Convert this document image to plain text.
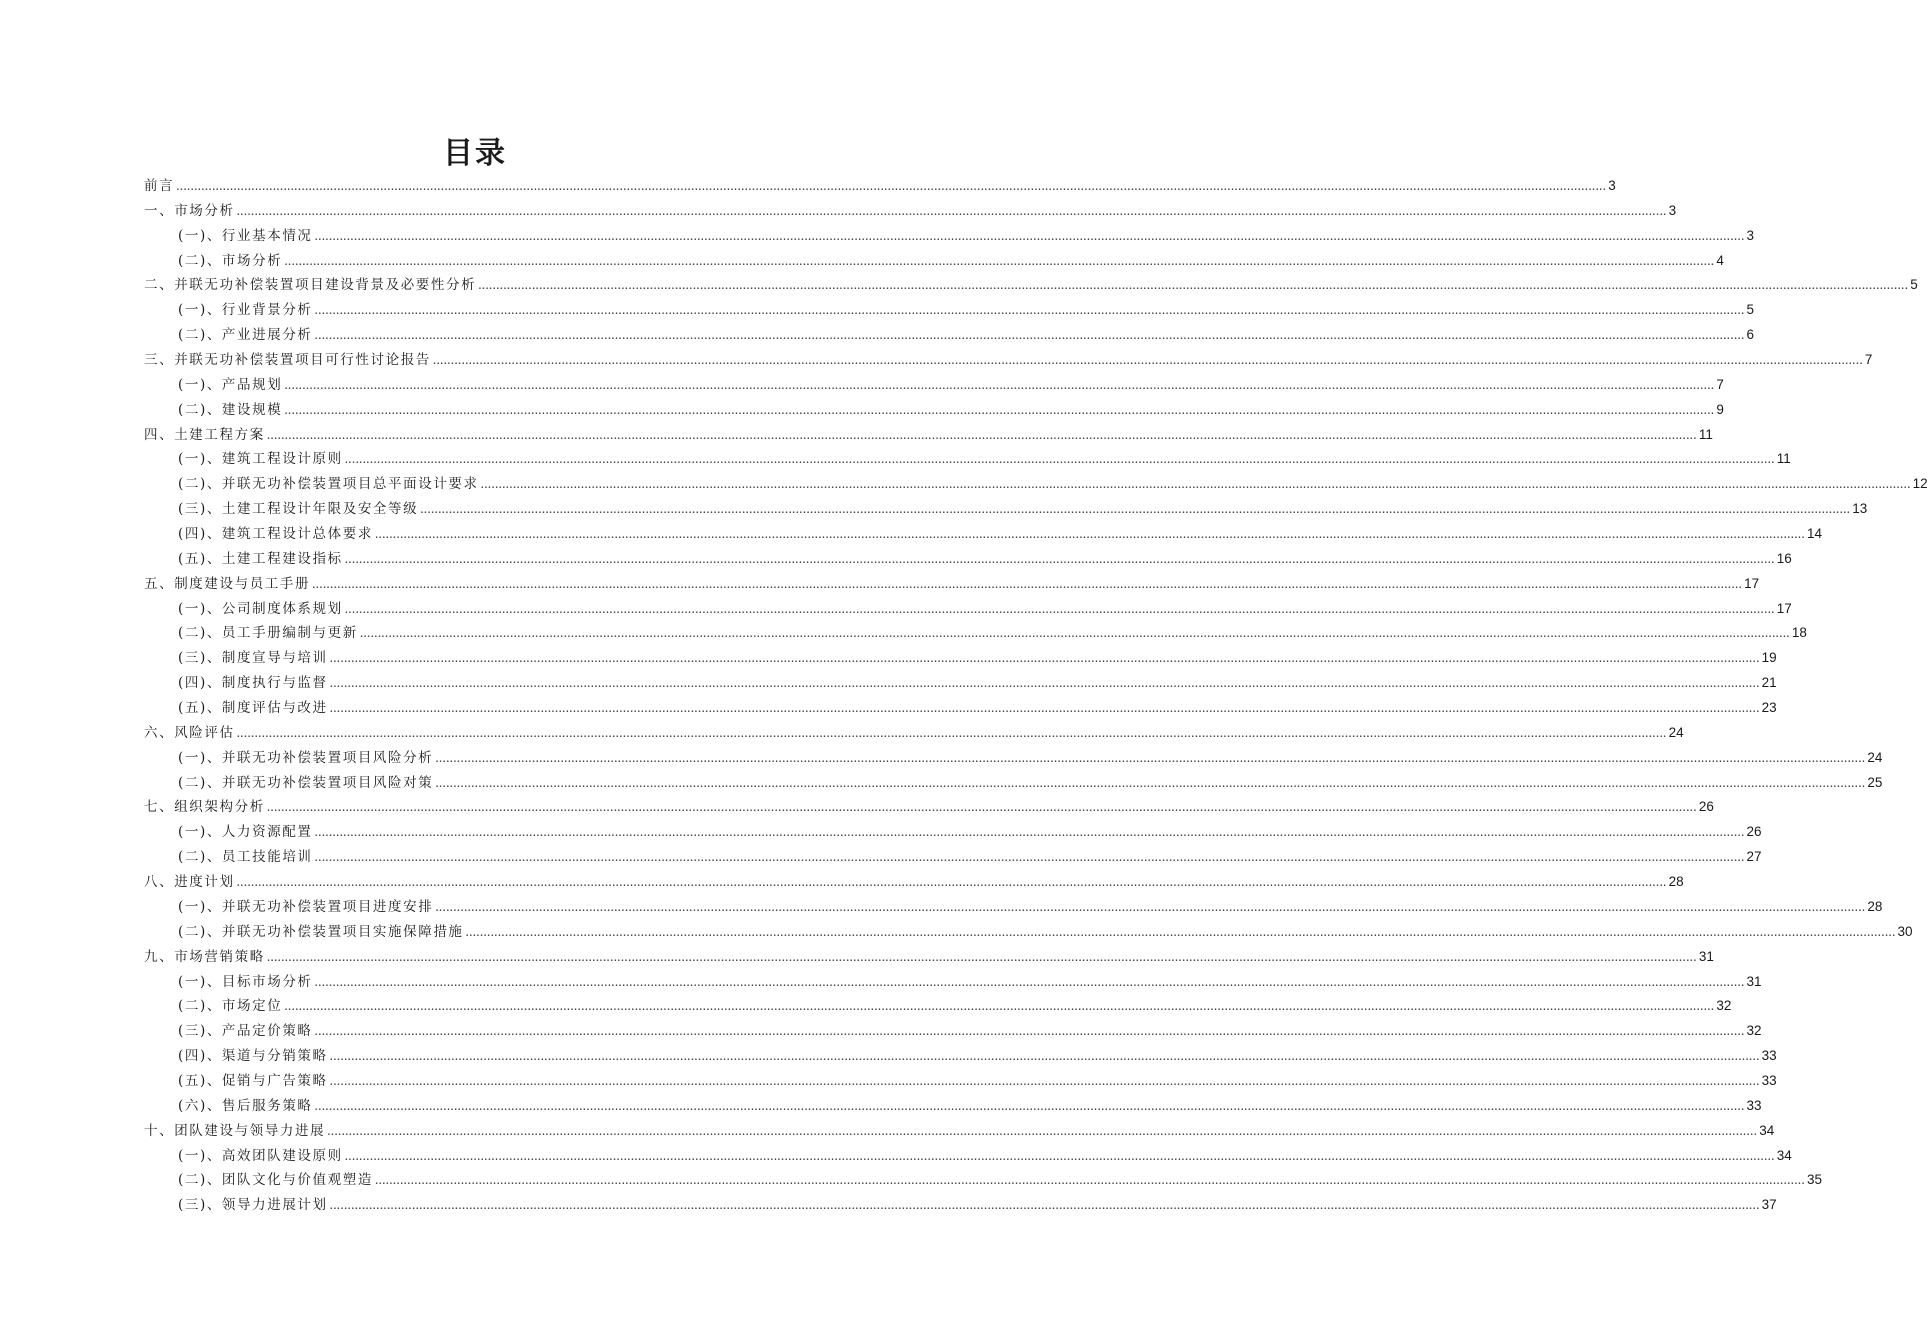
目录
前言 ................................................................................................................................................................................................................................................................................................................................................................................................................ 3
一、市场分析 ................................................................................................................................................................................................................................................................................................................................................................................................................ 3
(一)、行业基本情况 ................................................................................................................................................................................................................................................................................................................................................................................................................ 3
(二)、市场分析 ................................................................................................................................................................................................................................................................................................................................................................................................................ 4
二、并联无功补偿装置项目建设背景及必要性分析 ................................................................................................................................................................................................................................................................................................................................................................................................................ 5
(一)、行业背景分析 ................................................................................................................................................................................................................................................................................................................................................................................................................ 5
(二)、产业进展分析 ................................................................................................................................................................................................................................................................................................................................................................................................................ 6
三、并联无功补偿装置项目可行性讨论报告 ................................................................................................................................................................................................................................................................................................................................................................................................................ 7
(一)、产品规划 ................................................................................................................................................................................................................................................................................................................................................................................................................ 7
(二)、建设规模 ................................................................................................................................................................................................................................................................................................................................................................................................................ 9
四、土建工程方案 ................................................................................................................................................................................................................................................................................................................................................................................................................ 11
(一)、建筑工程设计原则 ................................................................................................................................................................................................................................................................................................................................................................................................................ 11
(二)、并联无功补偿装置项目总平面设计要求 ................................................................................................................................................................................................................................................................................................................................................................................................................ 12
(三)、土建工程设计年限及安全等级 ................................................................................................................................................................................................................................................................................................................................................................................................................ 13
(四)、建筑工程设计总体要求 ................................................................................................................................................................................................................................................................................................................................................................................................................ 14
(五)、土建工程建设指标 ................................................................................................................................................................................................................................................................................................................................................................................................................ 16
五、制度建设与员工手册 ................................................................................................................................................................................................................................................................................................................................................................................................................ 17
(一)、公司制度体系规划 ................................................................................................................................................................................................................................................................................................................................................................................................................ 17
(二)、员工手册编制与更新 ................................................................................................................................................................................................................................................................................................................................................................................................................ 18
(三)、制度宣导与培训 ................................................................................................................................................................................................................................................................................................................................................................................................................ 19
(四)、制度执行与监督 ................................................................................................................................................................................................................................................................................................................................................................................................................ 21
(五)、制度评估与改进 ................................................................................................................................................................................................................................................................................................................................................................................................................ 23
六、风险评估 ................................................................................................................................................................................................................................................................................................................................................................................................................ 24
(一)、并联无功补偿装置项目风险分析 ................................................................................................................................................................................................................................................................................................................................................................................................................ 24
(二)、并联无功补偿装置项目风险对策 ................................................................................................................................................................................................................................................................................................................................................................................................................ 25
七、组织架构分析 ................................................................................................................................................................................................................................................................................................................................................................................................................ 26
(一)、人力资源配置 ................................................................................................................................................................................................................................................................................................................................................................................................................ 26
(二)、员工技能培训 ................................................................................................................................................................................................................................................................................................................................................................................................................ 27
八、进度计划 ................................................................................................................................................................................................................................................................................................................................................................................................................ 28
(一)、并联无功补偿装置项目进度安排 ................................................................................................................................................................................................................................................................................................................................................................................................................ 28
(二)、并联无功补偿装置项目实施保障措施 ................................................................................................................................................................................................................................................................................................................................................................................................................ 30
九、市场营销策略 ................................................................................................................................................................................................................................................................................................................................................................................................................ 31
(一)、目标市场分析 ................................................................................................................................................................................................................................................................................................................................................................................................................ 31
(二)、市场定位 ................................................................................................................................................................................................................................................................................................................................................................................................................ 32
(三)、产品定价策略 ................................................................................................................................................................................................................................................................................................................................................................................................................ 32
(四)、渠道与分销策略 ................................................................................................................................................................................................................................................................................................................................................................................................................ 33
(五)、促销与广告策略 ................................................................................................................................................................................................................................................................................................................................................................................................................ 33
(六)、售后服务策略 ................................................................................................................................................................................................................................................................................................................................................................................................................ 33
十、团队建设与领导力进展 ................................................................................................................................................................................................................................................................................................................................................................................................................ 34
(一)、高效团队建设原则 ................................................................................................................................................................................................................................................................................................................................................................................................................ 34
(二)、团队文化与价值观塑造 ................................................................................................................................................................................................................................................................................................................................................................................................................ 35
(三)、领导力进展计划 ................................................................................................................................................................................................................................................................................................................................................................................................................ 37
